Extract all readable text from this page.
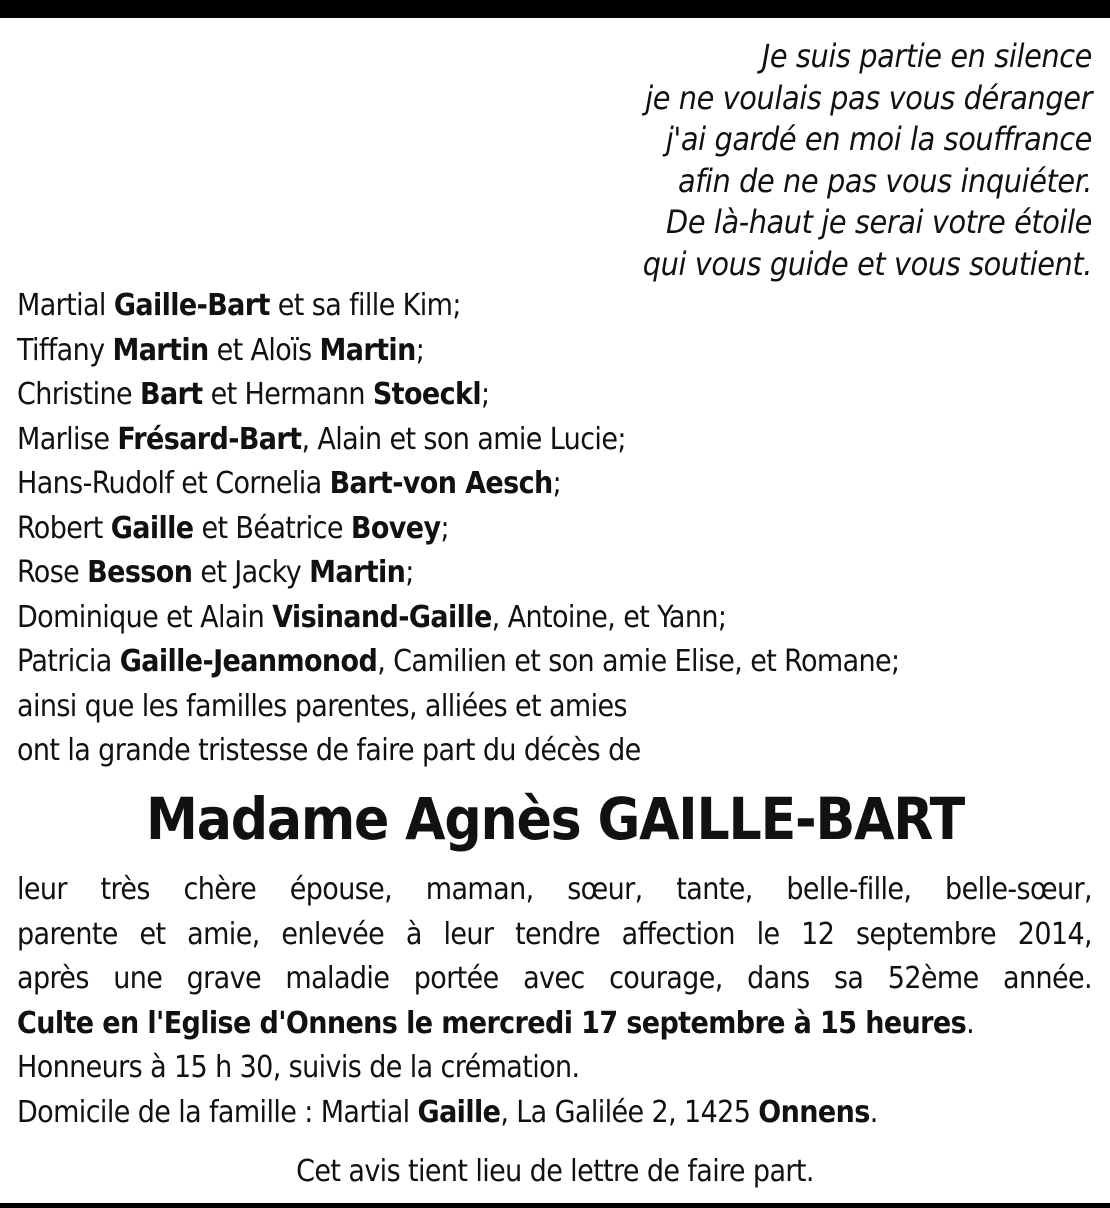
Je suis partie en silence
je ne voulais pas vous déranger
j'ai gardé en moi la souffrance
afin de ne pas vous inquiéter.
De là-haut je serai votre étoile
qui vous guide et vous soutient.
Martial Gaille-Bart et sa fille Kim;
Tiffany Martin et Aloïs Martin;
Christine Bart et Hermann Stoeckl;
Marlise Frésard-Bart, Alain et son amie Lucie;
Hans-Rudolf et Cornelia Bart-von Aesch;
Robert Gaille et Béatrice Bovey;
Rose Besson et Jacky Martin;
Dominique et Alain Visinand-Gaille, Antoine, et Yann;
Patricia Gaille-Jeanmonod, Camilien et son amie Elise, et Romane;
ainsi que les familles parentes, alliées et amies
ont la grande tristesse de faire part du décès de
Madame Agnès GAILLE-BART
leur très chère épouse, maman, sœur, tante, belle-fille, belle-sœur,
parente et amie, enlevée à leur tendre affection le 12 septembre 2014,
après une grave maladie portée avec courage, dans sa 52ème année.
Culte en l'Eglise d'Onnens le mercredi 17 septembre à 15 heures.
Honneurs à 15 h 30, suivis de la crémation.
Domicile de la famille : Martial Gaille, La Galilée 2, 1425 Onnens.
Cet avis tient lieu de lettre de faire part.
